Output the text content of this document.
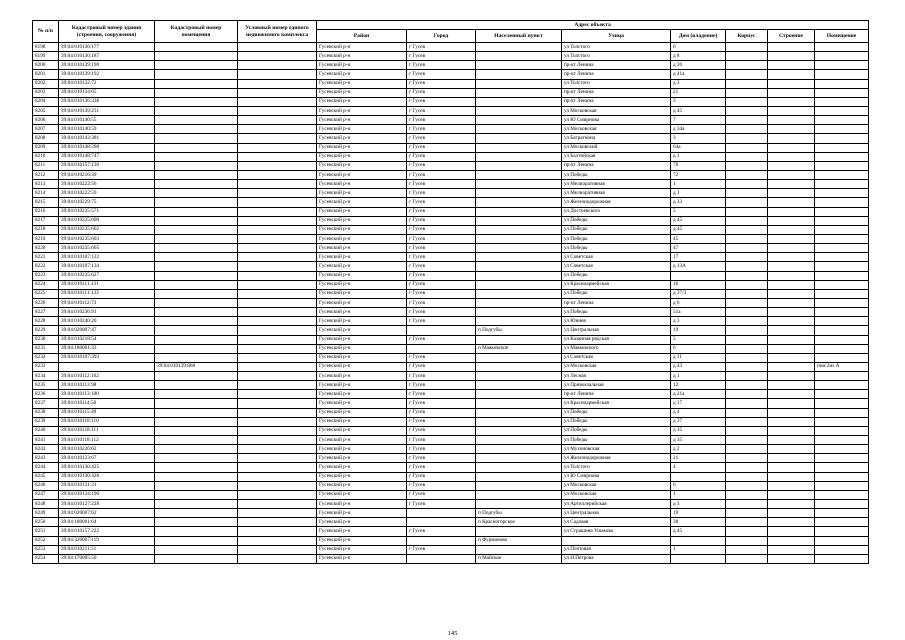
№ п/п	Кадастровый номер здания (строения, сооружения)	Кадастровый номер помещения	Условный номер единого недвижимого комплекса	Адрес объекта							
				Район	Город	Населенный пункт	Улица	Дом (владение)	Корпус	Строение	Помещение
8198	39:04:010136:177			Гусевский р-н	г Гусев		ул Толстого	6			
8199	39:04:010130:187			Гусевский р-н	г Гусев		ул Толстого	д 8			
8200	39:04:010139:190			Гусевский р-н	г Гусев		пр-кт Ленина	д 20			
8201	39:04:010139:192			Гусевский р-н	г Гусев		пр-кт Ленина	д 41а			
8202	39:04:010132:72			Гусевский р-н	г Гусев		ул Толстого	д 3			
8203	39:04:010134:65			Гусевский р-н	г Гусев		пр-кт Ленина	21			
8204	39:04:010136:338			Гусевский р-н	г Гусев		пр-кт Ленина	3			
8205	39:04:010139:231			Гусевский р-н	г Гусев		ул Московская	д 45			
8206	39:04:010140:55			Гусевский р-н	г Гусев		ул Ю Смирнова	7			
8207	39:04:010140:59			Гусевский р-н	г Гусев		ул Московская	д 34а			
8208	39:04:010143:381			Гусевский р-н	г Гусев		ул Багратиона	3			
8209	39:04:010148:398			Гусевский р-н	г Гусев		ул Московский	64а			
8210	39:04:010148:747			Гусевский р-н	г Гусев		ул Балтийская	д 1			
8211	39:04:010157:136			Гусевский р-н	г Гусев		пр-кт Ленина	78			
8212	39:04:010216:39			Гусевский р-н	г Гусев		ул Победы	72			
8213	39:04:010222:56			Гусевский р-н	г Гусев		ул Мелиоративная	1			
8214	39:04:010222:59			Гусевский р-н	г Гусев		ул Мелиоративная	д 1			
8215	39:04:010229:75			Гусевский р-н	г Гусев		ул Железнодорожная	д 33			
8216	39:04:010235:571			Гусевский р-н	г Гусев		ул Достоевского	5			
8217	39:04:010235:600			Гусевский р-н	г Гусев		ул Победы	д 45			
8218	39:04:010235:602			Гусевский р-н	г Гусев		ул Победы	д 45			
8219	39:04:010235:603			Гусевский р-н	г Гусев		ул Победы	45			
8220	39:04:010235:605			Гусевский р-н	г Гусев		ул Победы	47			
8221	39:04:010107:122			Гусевский р-н	г Гусев		ул Советская	17			
8222	39:04:010107:134			Гусевский р-н	г Гусев		ул Советская	д 13А			
8223	39:04:010235:627			Гусевский р-н	г Гусев		ул Победы				
8224	39:04:010111:131			Гусевский р-н	г Гусев		ул Красноармейская	16			
8225	39:04:010111:133			Гусевский р-н	г Гусев		ул Победы	д 37/3			
8226	39:04:010112:73			Гусевский р-н	г Гусев		пр-кт Ленина	д 6			
8227	39:04:010236:91			Гусевский р-н	г Гусев		ул Победы	51а			
8228	39:04:010240:20			Гусевский р-н	г Гусев		ул Юннев	д 3			
8229	39:04:020007:47			Гусевский р-н		п Подгубы	ул Центральная	19			
8230	39:04:010218:54			Гусевский р-н	г Гусев		ул Казанная рядская	5			
8231	39:04:180001:33			Гусевский р-н		п Маяковское	ул Маяковского	6			
8232	39:04:010107:393			Гусевский р-н	г Гусев		ул Советская	д 11			
8233		39:04:010139:868		Гусевский р-н	г Гусев		ул Московская	д 43			пом 2из А
8234	39:04:010112:162			Гусевский р-н	г Гусев		ул Лесная	д 1			
8235	39:04:010113:98			Гусевский р-н	г Гусев		ул Привокзальная	12			
8236	39:04:010113:100			Гусевский р-н	г Гусев		пр-кт Ленина	д 21а			
8237	39:04:010114:50			Гусевский р-н	г Гусев		ул Красноармейская	д 17			
8238	39:04:010115:49			Гусевский р-н	г Гусев		ул Победы	д 4			
8239	39:04:010118:110			Гусевский р-н	г Гусев		ул Победы	д 37			
8240	39:04:010118:111			Гусевский р-н	г Гусев		ул Победы	д 35			
8241	39:04:010118:112			Гусевский р-н	г Гусев		ул Победы	д 35			
8242	39:04:010226:62			Гусевский р-н	г Гусев		ул Мухоновская	д 2			
8243	39:04:010123:67			Гусевский р-н	г Гусев		ул Железнодорожная	21			
8244	39:04:010130:425			Гусевский р-н	г Гусев		ул Толстого	4			
8245	39:04:010130:428			Гусевский р-н	г Гусев		ул Ю Смирнова				
8246	39:04:010131:31			Гусевский р-н	г Гусев		ул Московская	6			
8247	39:04:010134:190			Гусевский р-н	г Гусев		ул Московская	1			
8248	39:04:010127:228			Гусевский р-н	г Гусев		ул Артиллерийская	д 3			
8249	39:04:020007:62			Гусевский р-н		п Подгубы	ул Центральная	19			
8250	39:04:180001:64			Гусевский р-н		п Красногорское	ул Садовая	38			
8251	39:04:010157:222			Гусевский р-н	г Гусев		ул Страшина Ушакова	д 45			
8252	39:04:320007:119			Гусевский р-н		п Фурманово					
8253	39:04:010211:51			Гусевский р-н	г Гусев		ул Почтовая	1			
8254	39:04:170005:50			Гусевский р-н		п Майское	ул Н.Петрова				
145
